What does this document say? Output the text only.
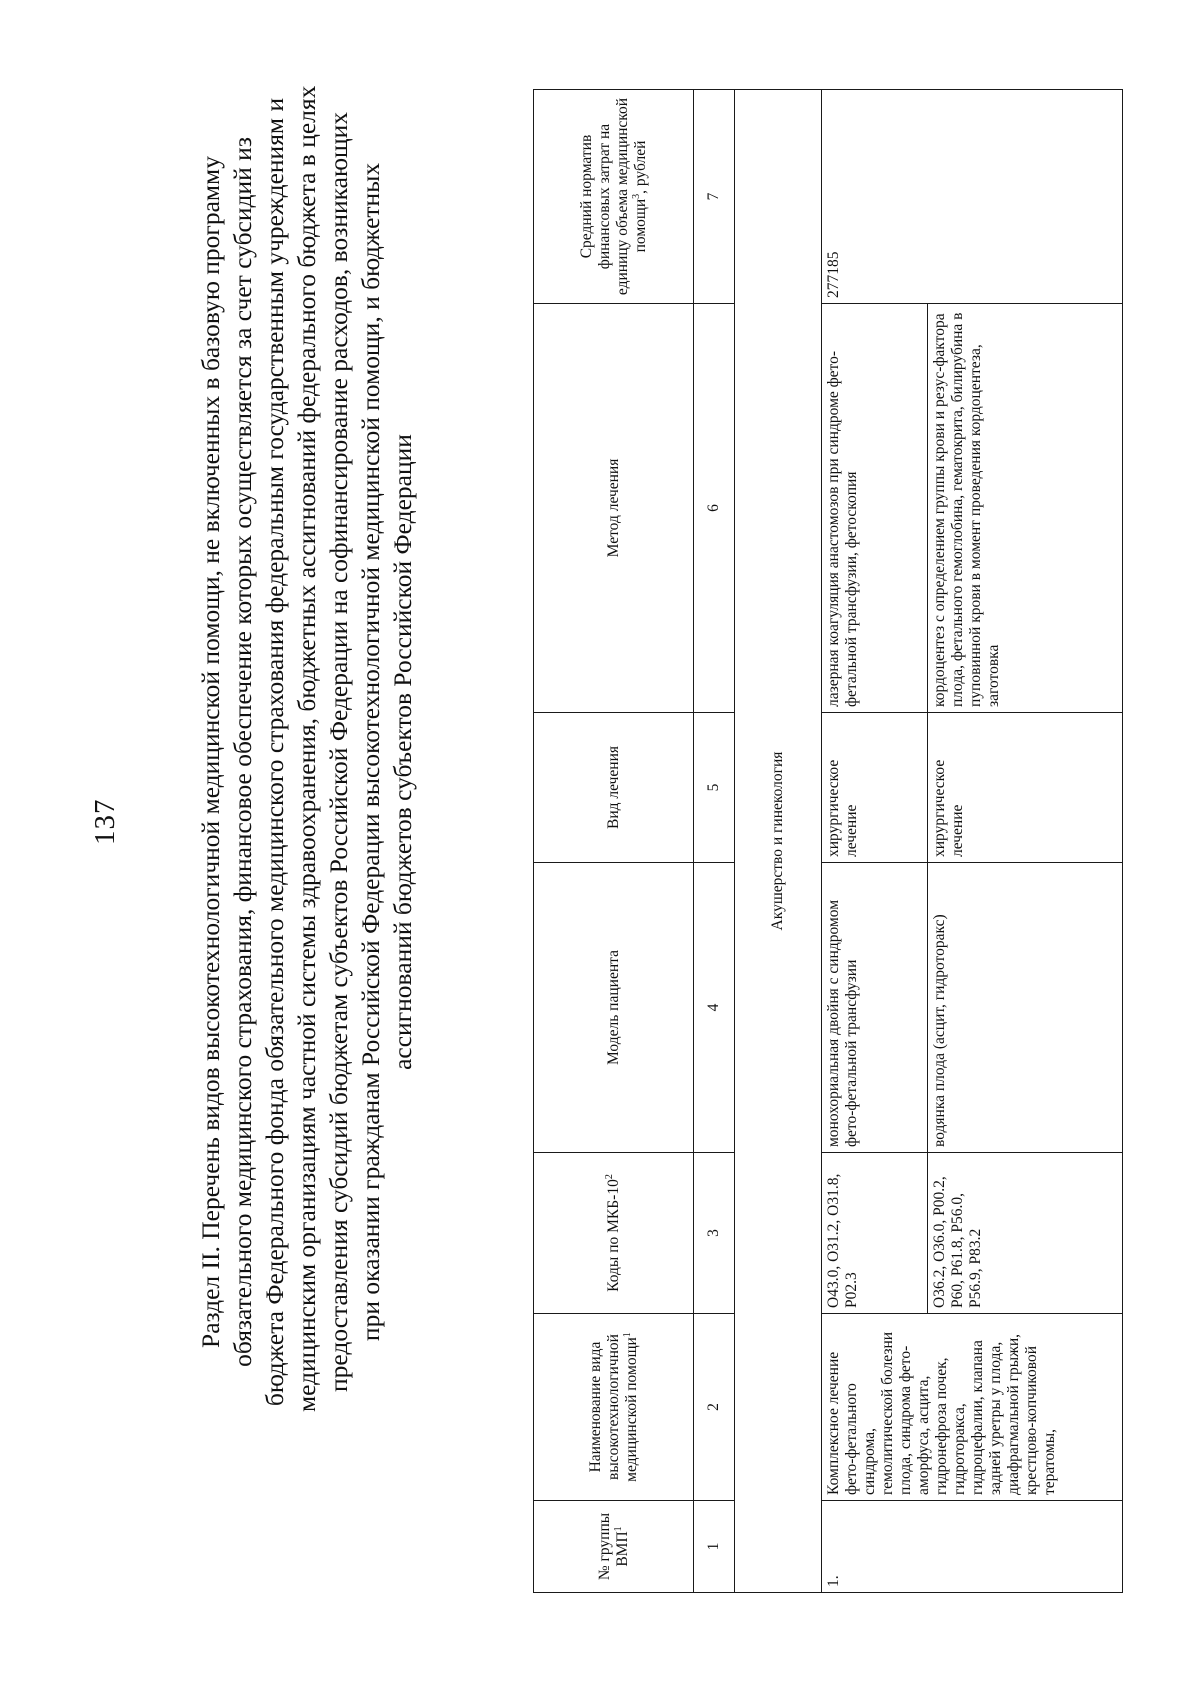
137	Раздел II. Перечень видов высокотехнологичной медицинской помощи, не включенных в базовую программу обязательного медицинского страхования, финансовое обеспечение которых осуществляется за счет субсидий из бюджета Федерального фонда обязательного медицинского страхования федеральным государственным учреждениям и медицинским организациям частной системы здравоохранения, бюджетных ассигнований федерального бюджета в целях предоставления субсидий бюджетам субъектов Российской Федерации на софинансирование расходов, возникающих при оказании гражданам Российской Федерации высокотехнологичной медицинской помощи, и бюджетных ассигнований бюджетов субъектов Российской Федерации
№ группы ВМП$^1$	Наименование вида высокотехнологичной медицинской помощи$^1$	Коды по МКБ-$10^2$	Модель пациента	Вид лечения	Метод лечения	Средний норматив финансовых затрат на единицу объема медицинской помощи$^3$, рублей
1	2	3	4	5	6	7
Акушерство и гинекология						
1.	Комплексное лечение фето-фетального синдрома, гемолитической болезни плода, синдрома фето-аморфуса, асцита, гидронефроза почек, гидроторакса, гидроцефалии, клапана задней уретры у плода, диафрагмальной грыжи, крестцово-копчиковой тератомы,	O43.0, O31.2, O31.8, P02.3	монохориальная двойня с синдромом фето-фетальной трансфузии	хирургическое лечение	лазерная коагуляция анастомозов при синдроме фето-фетальной трансфузии, фетоскопия	277185
		O36.2, O36.0, P00.2, P60, P61.8, P56.0, P56.9, P83.2	водянка плода (асцит, гидроторакс)	хирургическое лечение	кордоцентез с определением группы крови и резус-фактора плода, фетального гемоглобина, гематокрита, билирубина в пуповинной крови в момент проведения кордоцентеза, заготовка	
